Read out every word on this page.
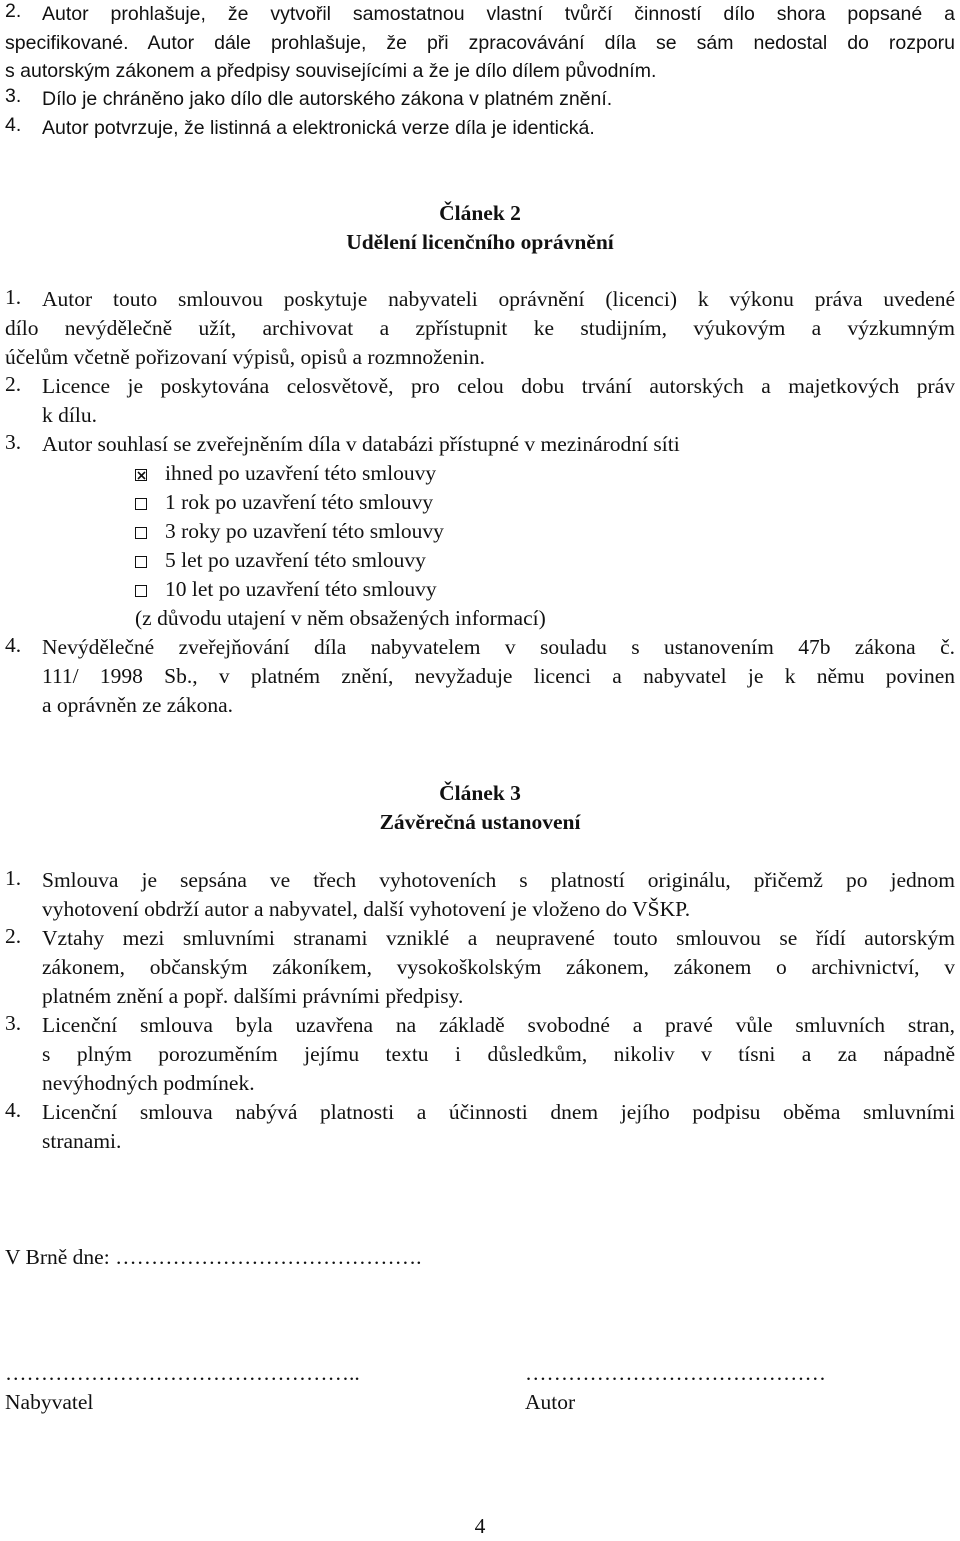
2. Autor prohlašuje, že vytvořil samostatnou vlastní tvůrčí činností dílo shora popsané a
specifikované. Autor dále prohlašuje, že při zpracovávání díla se sám nedostal do rozporu
s autorským zákonem a předpisy souvisejícími a že je dílo dílem původním.
3. Dílo je chráněno jako dílo dle autorského zákona v platném znění.
4. Autor potvrzuje, že listinná a elektronická verze díla je identická.
Článek 2
Udělení licenčního oprávnění
1. Autor touto smlouvou poskytuje nabyvateli oprávnění (licenci) k výkonu práva uvedené
dílo nevýdělečně užít, archivovat a zpřístupnit ke studijním, výukovým a výzkumným
účelům včetně pořizovaní výpisů, opisů a rozmnoženin.
2. Licence je poskytována celosvětově, pro celou dobu trvání autorských a majetkových práv
k dílu.
3. Autor souhlasí se zveřejněním díla v databázi přístupné v mezinárodní síti
ihned po uzavření této smlouvy
1 rok po uzavření této smlouvy
3 roky po uzavření této smlouvy
5 let po uzavření této smlouvy
10 let po uzavření této smlouvy
(z důvodu utajení v něm obsažených informací)
4. Nevýdělečné zveřejňování díla nabyvatelem v souladu s ustanovením 47b zákona č.
111/ 1998 Sb., v platném znění, nevyžaduje licenci a nabyvatel je k němu povinen
a oprávněn ze zákona.
Článek 3
Závěrečná ustanovení
1. Smlouva je sepsána ve třech vyhotoveních s platností originálu, přičemž po jednom
vyhotovení obdrží autor a nabyvatel, další vyhotovení je vloženo do VŠKP.
2. Vztahy mezi smluvními stranami vzniklé a neupravené touto smlouvou se řídí autorským
zákonem, občanským zákoníkem, vysokoškolským zákonem, zákonem o archivnictví, v
platném znění a popř. dalšími právními předpisy.
3. Licenční smlouva byla uzavřena na základě svobodné a pravé vůle smluvních stran,
s plným porozuměním jejímu textu i důsledkům, nikoliv v tísni a za nápadně
nevýhodných podmínek.
4. Licenční smlouva nabývá platnosti a účinnosti dnem jejího podpisu oběma smluvními
stranami.
V Brně dne: …………………………………….
…………………………………………..	……………………………………
Nabyvatel	Autor
4
